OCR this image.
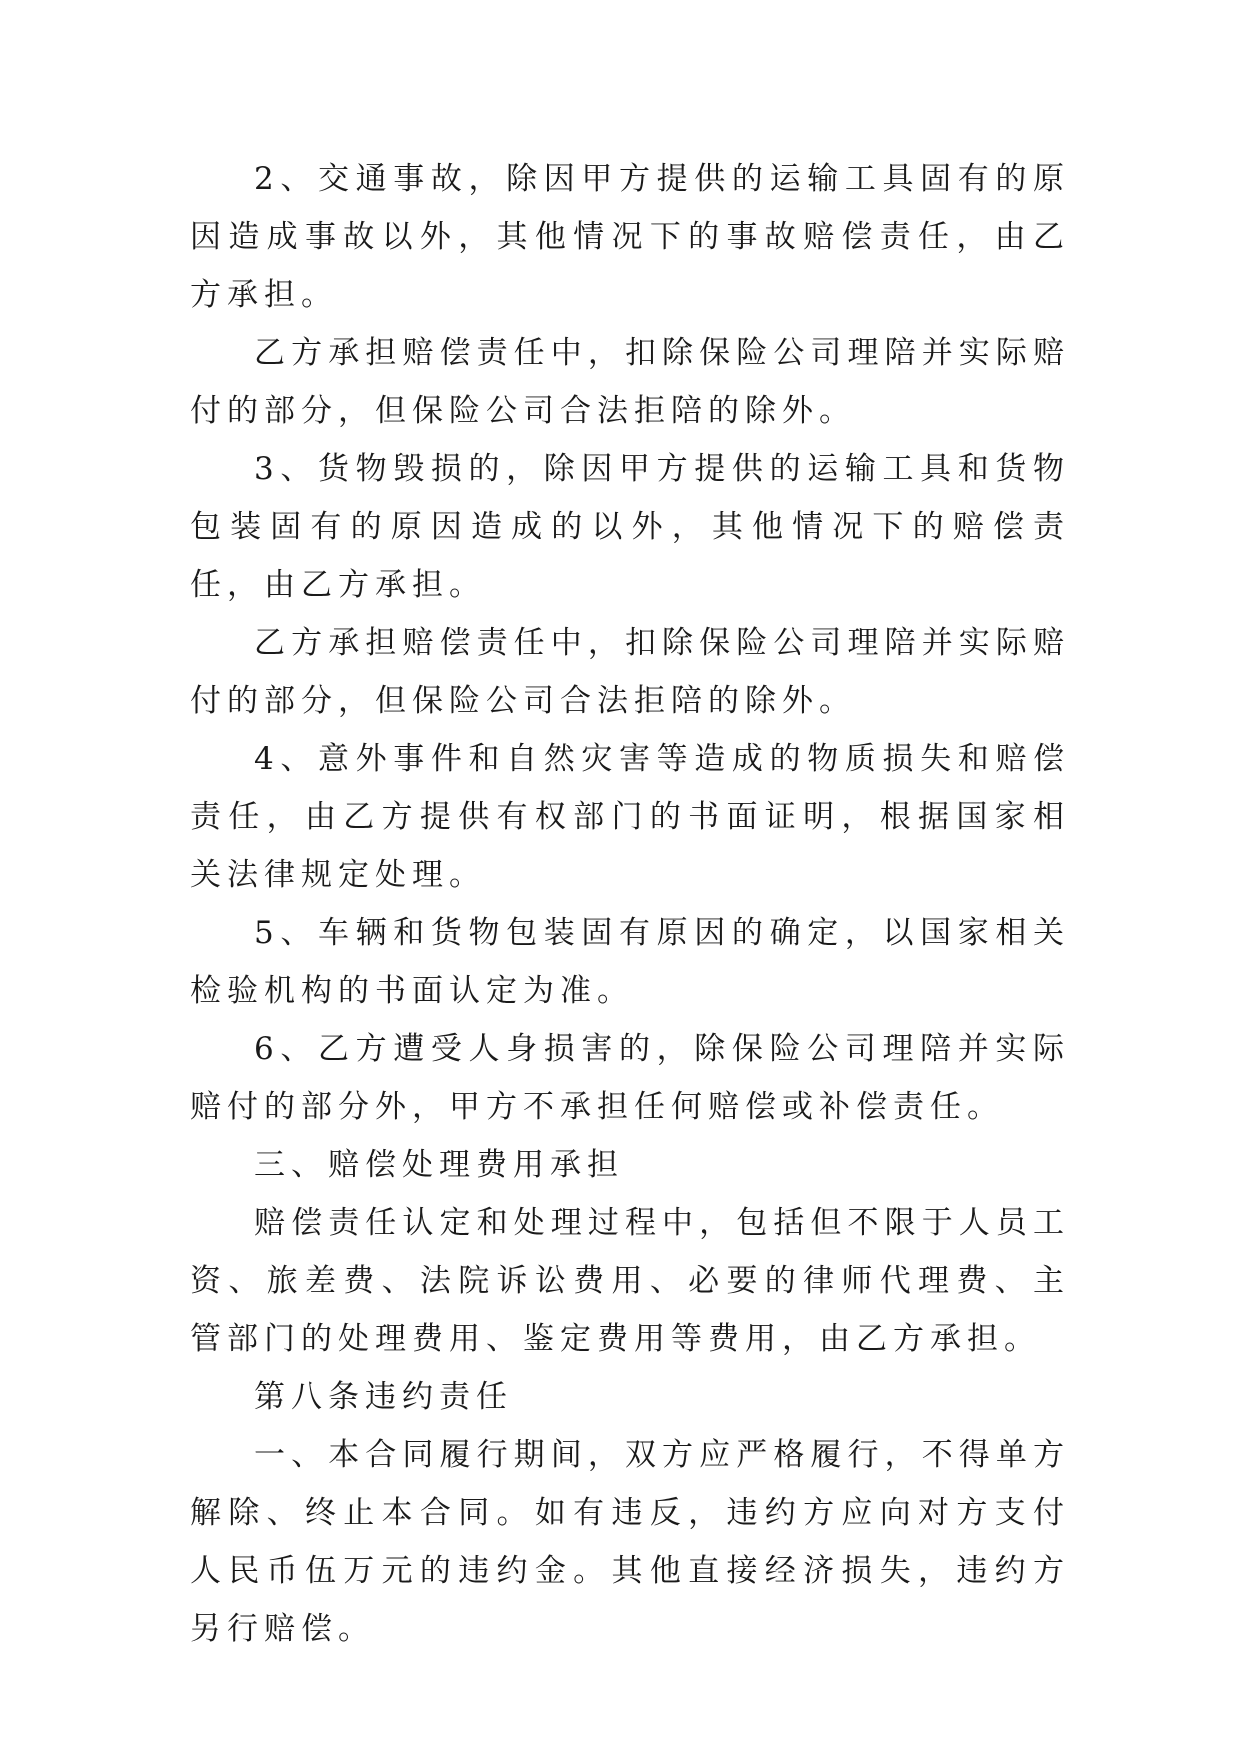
2、交通事故，除因甲方提供的运输工具固有的原因造成事故以外，其他情况下的事故赔偿责任，由乙方承担。

乙方承担赔偿责任中，扣除保险公司理陪并实际赔付的部分，但保险公司合法拒陪的除外。

3、货物毁损的，除因甲方提供的运输工具和货物包装固有的原因造成的以外，其他情况下的赔偿责任，由乙方承担。

乙方承担赔偿责任中，扣除保险公司理陪并实际赔付的部分，但保险公司合法拒陪的除外。

4、意外事件和自然灾害等造成的物质损失和赔偿责任，由乙方提供有权部门的书面证明，根据国家相关法律规定处理。

5、车辆和货物包装固有原因的确定，以国家相关检验机构的书面认定为准。

6、乙方遭受人身损害的，除保险公司理陪并实际赔付的部分外，甲方不承担任何赔偿或补偿责任。

三、赔偿处理费用承担

赔偿责任认定和处理过程中，包括但不限于人员工资、旅差费、法院诉讼费用、必要的律师代理费、主管部门的处理费用、鉴定费用等费用，由乙方承担。

第八条违约责任

一、本合同履行期间，双方应严格履行，不得单方解除、终止本合同。如有违反，违约方应向对方支付人民币伍万元的违约金。其他直接经济损失，违约方另行赔偿。
